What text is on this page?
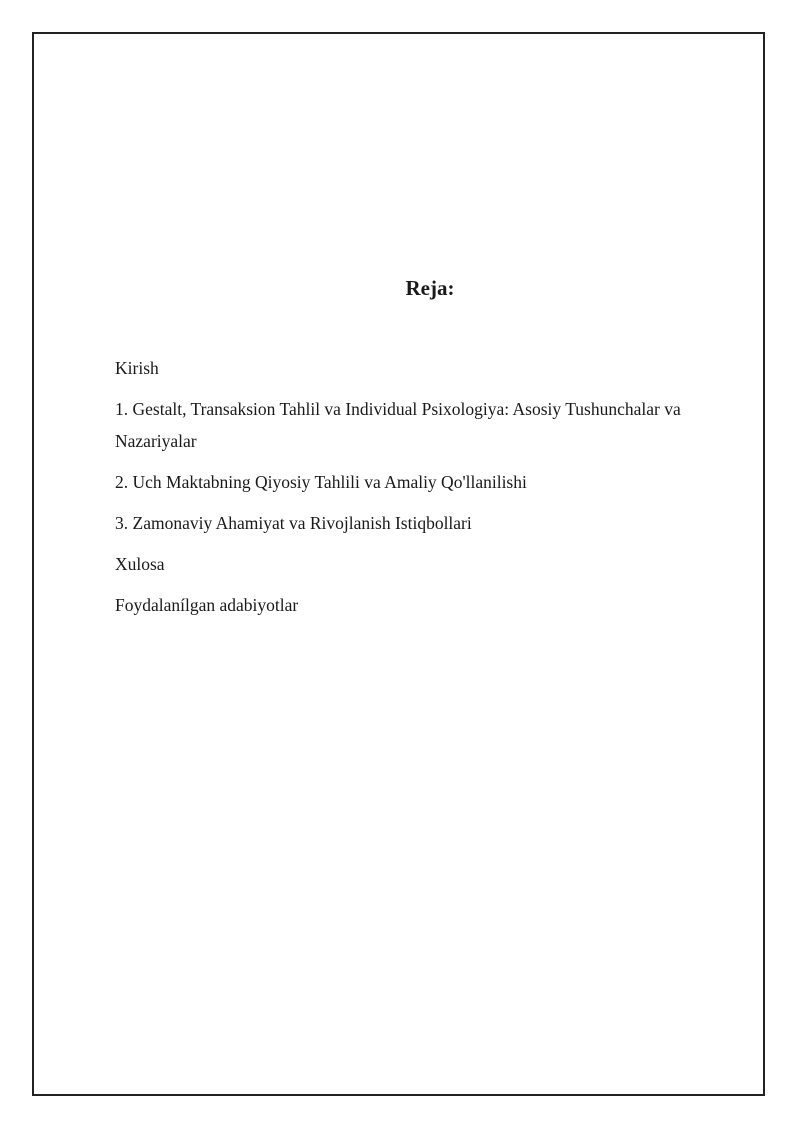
Reja:
Kirish
1. Gestalt, Transaksion Tahlil va Individual Psixologiya: Asosiy Tushunchalar va Nazariyalar
2. Uch Maktabning Qiyosiy Tahlili va Amaliy Qo'llanilishi
3. Zamonaviy Ahamiyat va Rivojlanish Istiqbollari
Xulosa
Foydalanílgan adabiyotlar
